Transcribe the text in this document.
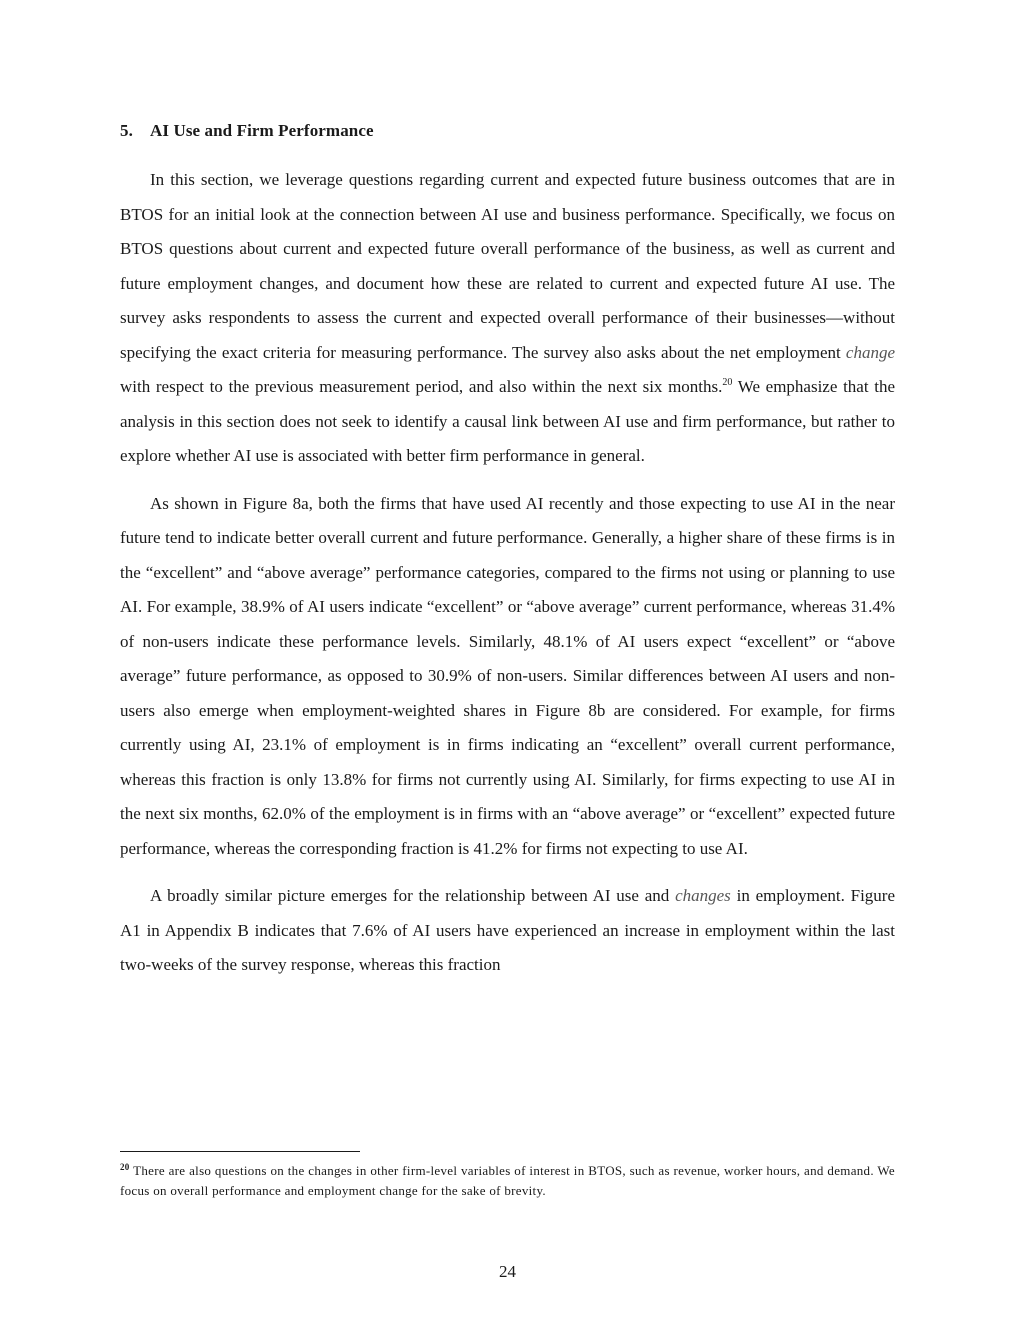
5. AI Use and Firm Performance

In this section, we leverage questions regarding current and expected future business outcomes that are in BTOS for an initial look at the connection between AI use and business performance. Specifically, we focus on BTOS questions about current and expected future overall performance of the business, as well as current and future employment changes, and document how these are related to current and expected future AI use. The survey asks respondents to assess the current and expected overall performance of their businesses—without specifying the exact criteria for measuring performance. The survey also asks about the net employment change with respect to the previous measurement period, and also within the next six months.$^{20}$ We emphasize that the analysis in this section does not seek to identify a causal link between AI use and firm performance, but rather to explore whether AI use is associated with better firm performance in general.

As shown in Figure 8a, both the firms that have used AI recently and those expecting to use AI in the near future tend to indicate better overall current and future performance. Generally, a higher share of these firms is in the “excellent” and “above average” performance categories, compared to the firms not using or planning to use AI. For example, 38.9% of AI users indicate “excellent” or “above average” current performance, whereas 31.4% of non-users indicate these performance levels. Similarly, 48.1% of AI users expect “excellent” or “above average” future performance, as opposed to 30.9% of non-users. Similar differences between AI users and non-users also emerge when employment-weighted shares in Figure 8b are considered. For example, for firms currently using AI, 23.1% of employment is in firms indicating an “excellent” overall current performance, whereas this fraction is only 13.8% for firms not currently using AI. Similarly, for firms expecting to use AI in the next six months, 62.0% of the employment is in firms with an “above average” or “excellent” expected future performance, whereas the corresponding fraction is 41.2% for firms not expecting to use AI.

A broadly similar picture emerges for the relationship between AI use and changes in employment. Figure A1 in Appendix B indicates that 7.6% of AI users have experienced an increase in employment within the last two-weeks of the survey response, whereas this fraction

$^{20}$ There are also questions on the changes in other firm-level variables of interest in BTOS, such as revenue, worker hours, and demand. We focus on overall performance and employment change for the sake of brevity.
24
